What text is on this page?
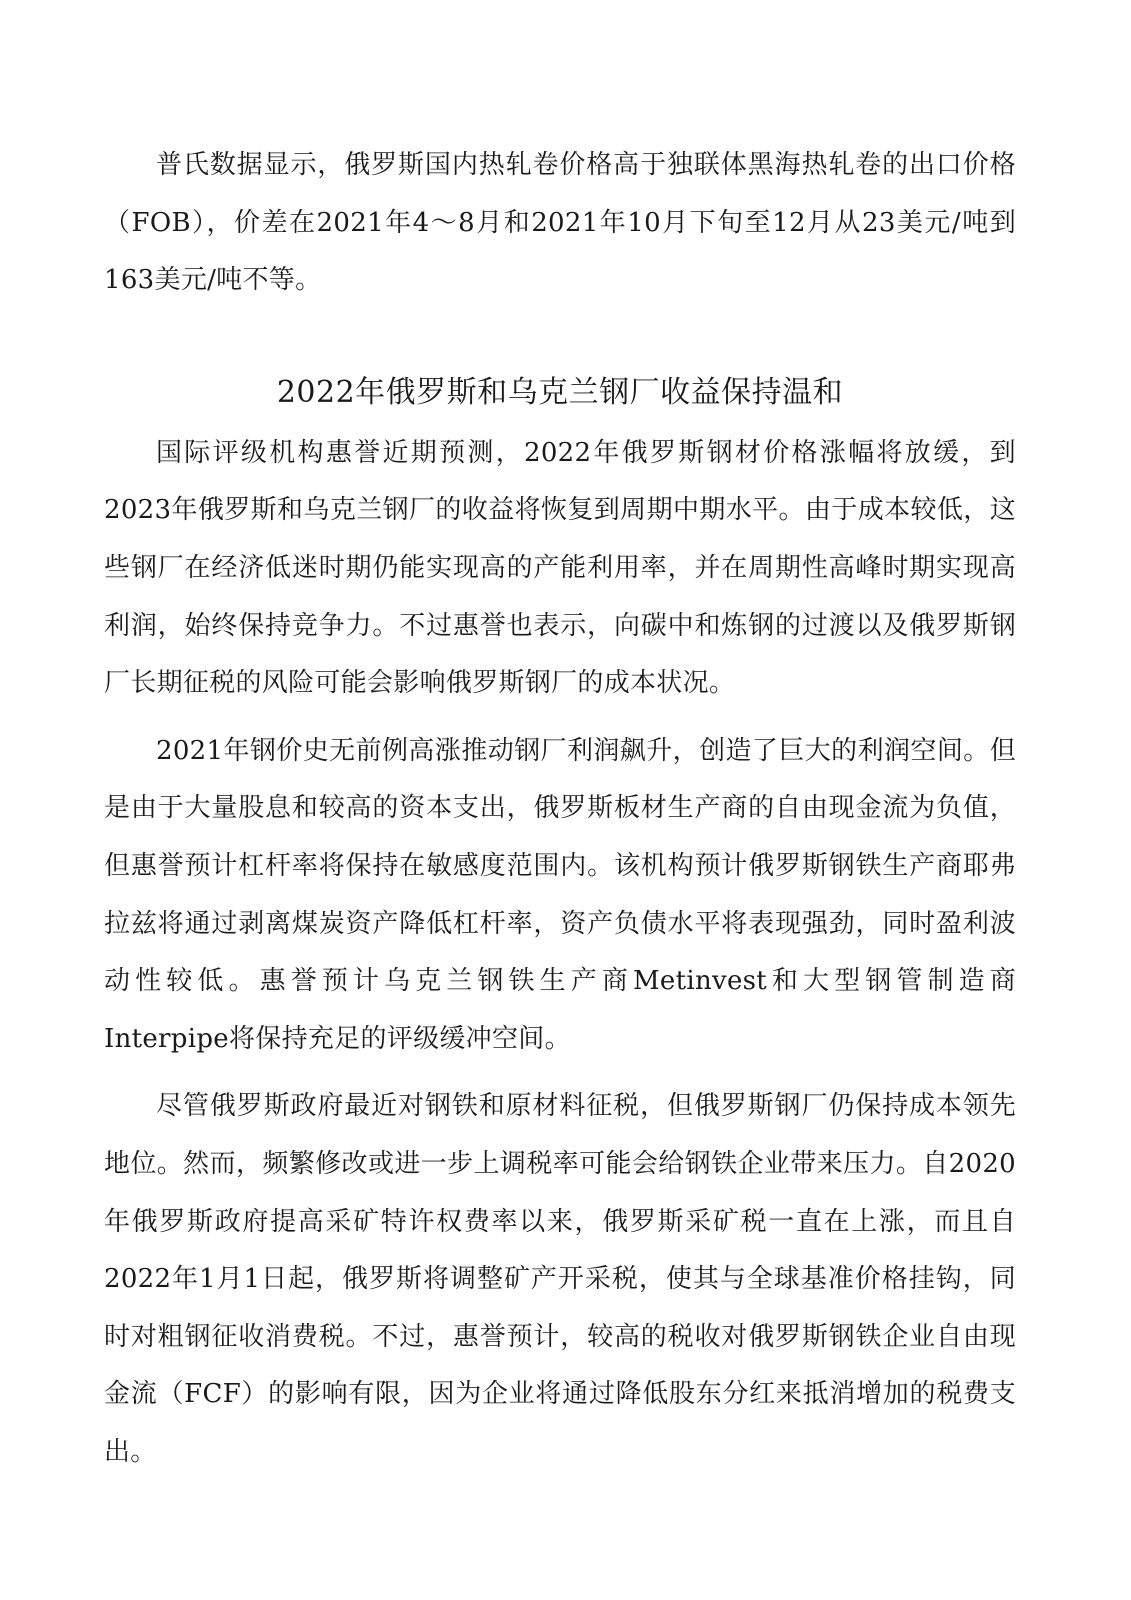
普氏数据显示，俄罗斯国内热轧卷价格高于独联体黑海热轧卷的出口价格（FOB），价差在2021年4～8月和2021年10月下旬至12月从23美元/吨到163美元/吨不等。

2022年俄罗斯和乌克兰钢厂收益保持温和

国际评级机构惠誉近期预测，2022年俄罗斯钢材价格涨幅将放缓，到2023年俄罗斯和乌克兰钢厂的收益将恢复到周期中期水平。由于成本较低，这些钢厂在经济低迷时期仍能实现高的产能利用率，并在周期性高峰时期实现高利润，始终保持竞争力。不过惠誉也表示，向碳中和炼钢的过渡以及俄罗斯钢厂长期征税的风险可能会影响俄罗斯钢厂的成本状况。

2021年钢价史无前例高涨推动钢厂利润飙升，创造了巨大的利润空间。但是由于大量股息和较高的资本支出，俄罗斯板材生产商的自由现金流为负值，但惠誉预计杠杆率将保持在敏感度范围内。该机构预计俄罗斯钢铁生产商耶弗拉兹将通过剥离煤炭资产降低杠杆率，资产负债水平将表现强劲，同时盈利波动性较低。惠誉预计乌克兰钢铁生产商Metinvest和大型钢管制造商Interpipe将保持充足的评级缓冲空间。

尽管俄罗斯政府最近对钢铁和原材料征税，但俄罗斯钢厂仍保持成本领先地位。然而，频繁修改或进一步上调税率可能会给钢铁企业带来压力。自2020年俄罗斯政府提高采矿特许权费率以来，俄罗斯采矿税一直在上涨，而且自2022年1月1日起，俄罗斯将调整矿产开采税，使其与全球基准价格挂钩，同时对粗钢征收消费税。不过，惠誉预计，较高的税收对俄罗斯钢铁企业自由现金流（FCF）的影响有限，因为企业将通过降低股东分红来抵消增加的税费支出。
